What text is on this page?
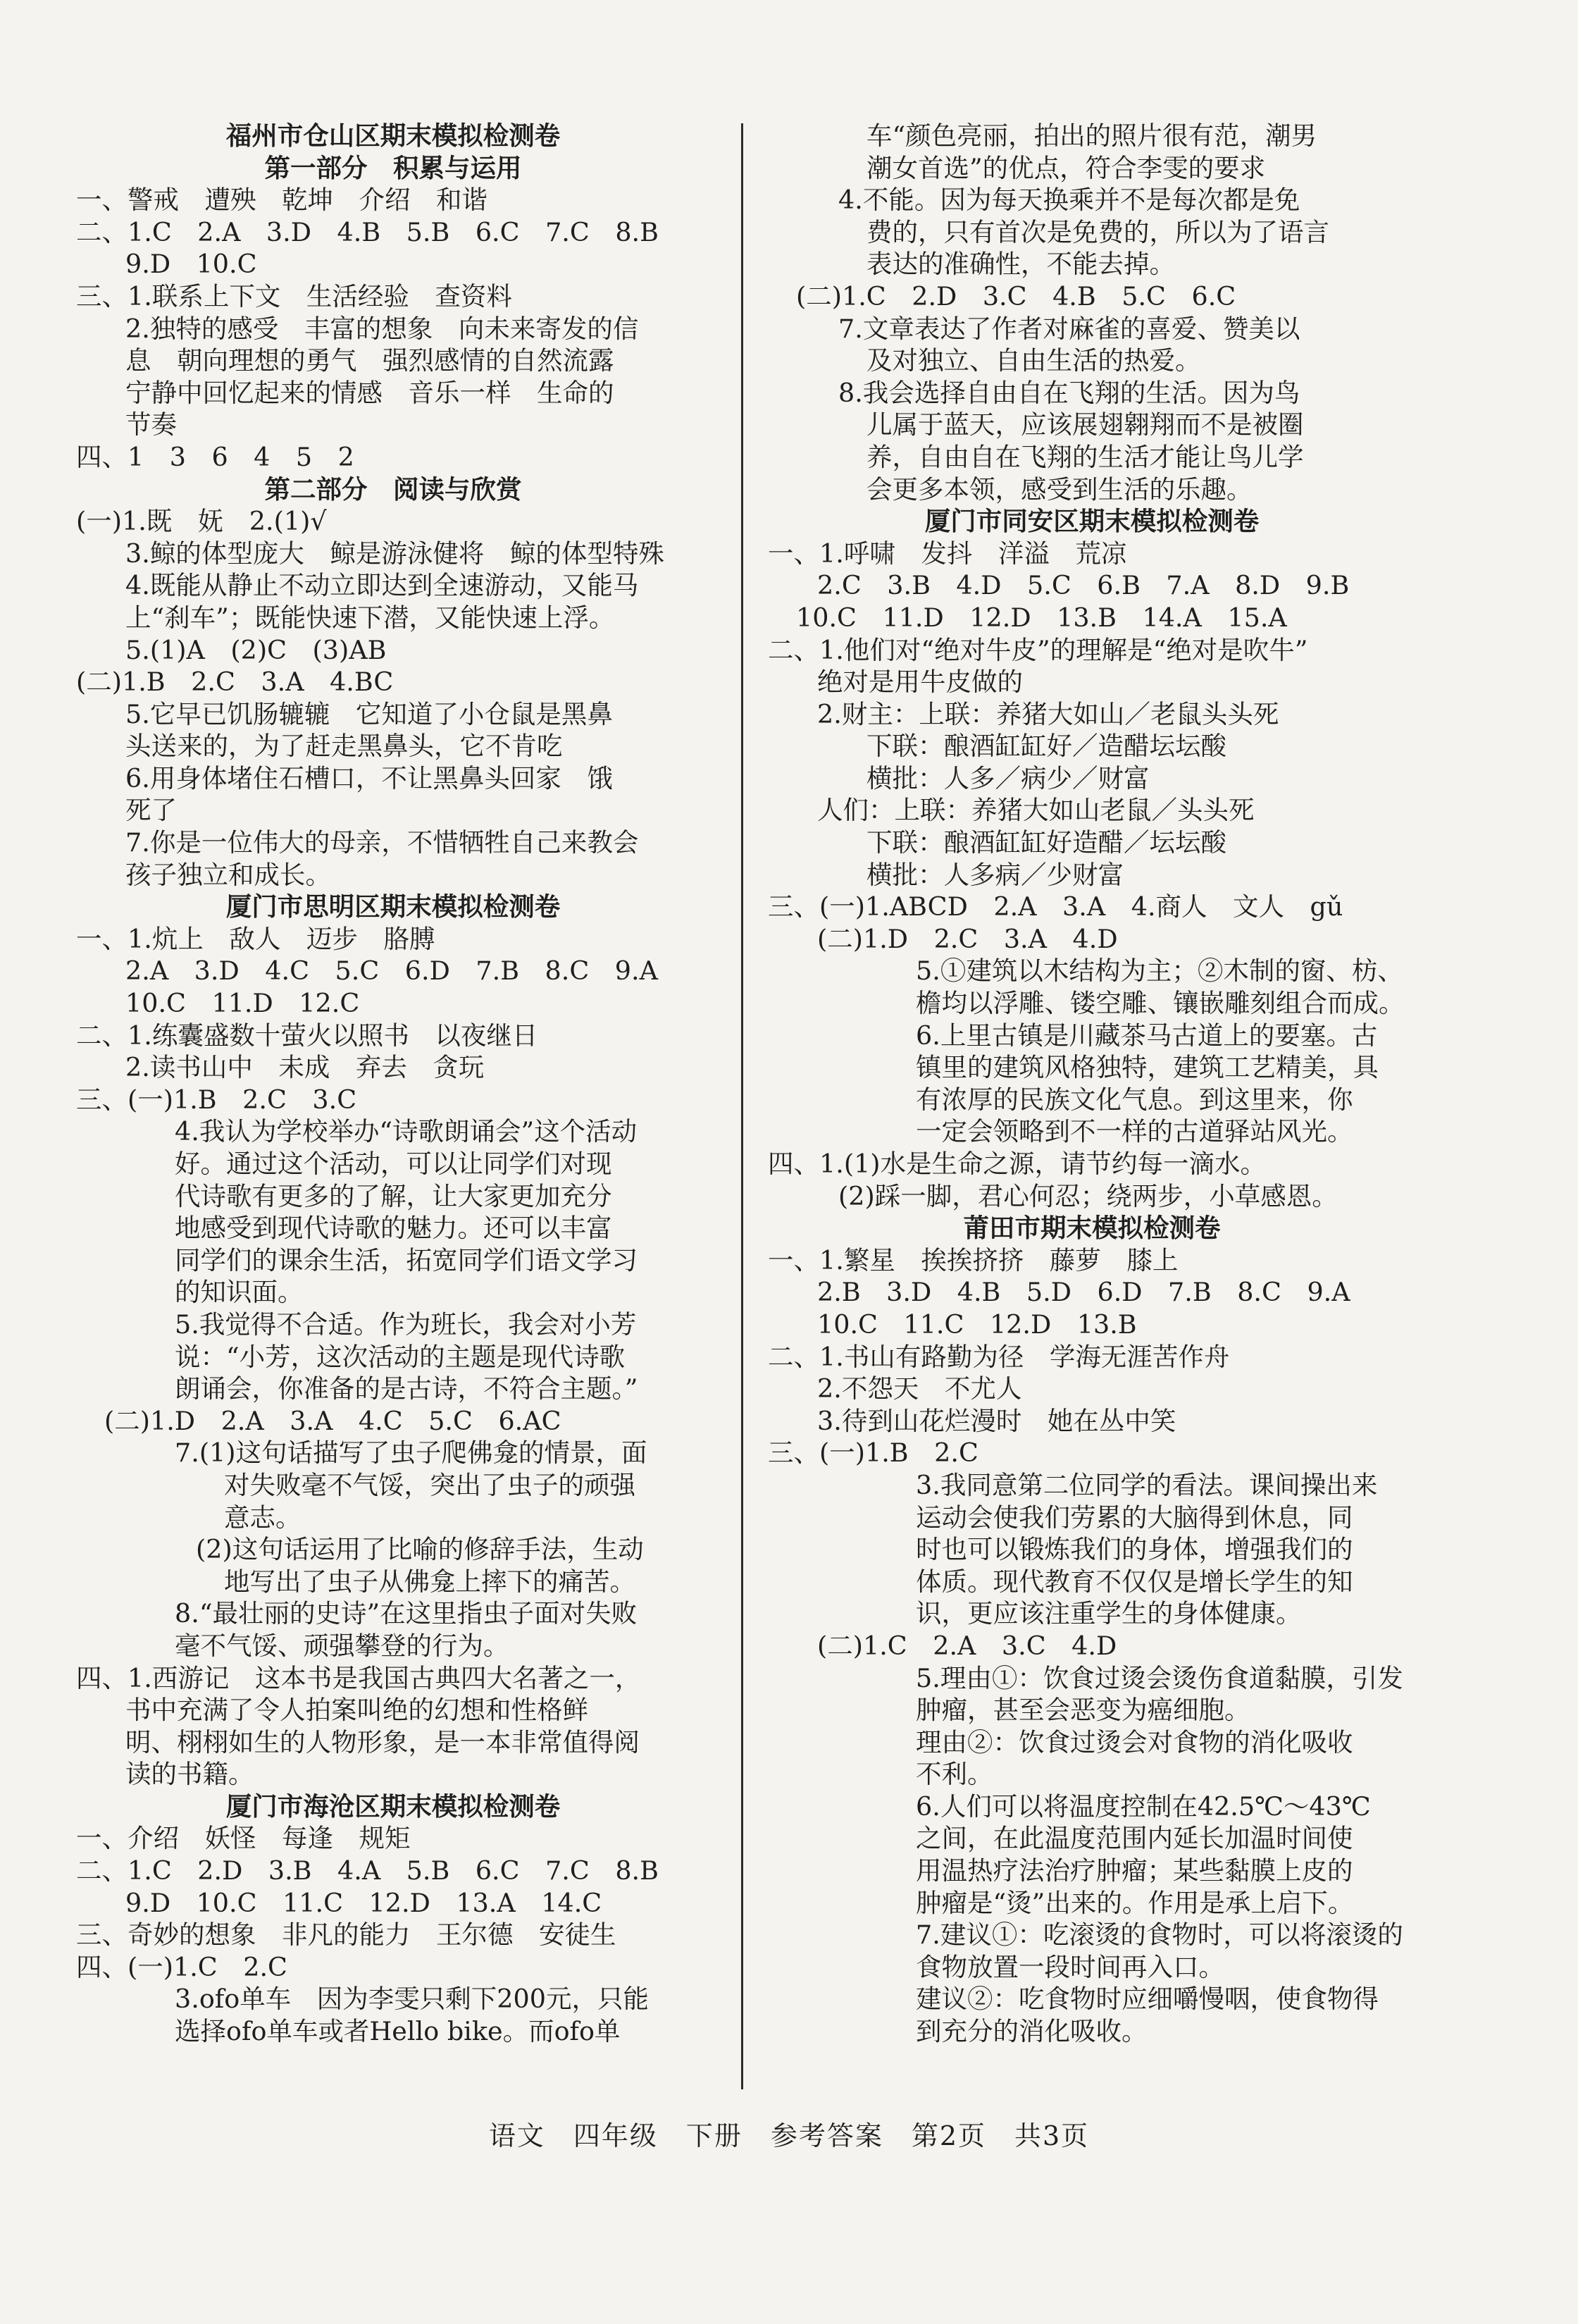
福州市仓山区期末模拟检测卷
第一部分　积累与运用
一、警戒　遭殃　乾坤　介绍　和谐
二、1.C　2.A　3.D　4.B　5.B　6.C　7.C　8.B
9.D　10.C
三、1.联系上下文　生活经验　查资料
2.独特的感受　丰富的想象　向未来寄发的信
息　朝向理想的勇气　强烈感情的自然流露
宁静中回忆起来的情感　音乐一样　生命的
节奏
四、1　3　6　4　5　2
第二部分　阅读与欣赏
(一)1.既　妩　2.(1)√
3.鲸的体型庞大　鲸是游泳健将　鲸的体型特殊
4.既能从静止不动立即达到全速游动，又能马
上“刹车”；既能快速下潜，又能快速上浮。
5.(1)A　(2)C　(3)AB
(二)1.B　2.C　3.A　4.BC
5.它早已饥肠辘辘　它知道了小仓鼠是黑鼻
头送来的，为了赶走黑鼻头，它不肯吃
6.用身体堵住石槽口，不让黑鼻头回家　饿
死了
7.你是一位伟大的母亲，不惜牺牲自己来教会
孩子独立和成长。
厦门市思明区期末模拟检测卷
一、1.炕上　敌人　迈步　胳膊
2.A　3.D　4.C　5.C　6.D　7.B　8.C　9.A
10.C　11.D　12.C
二、1.练囊盛数十萤火以照书　以夜继日
2.读书山中　未成　弃去　贪玩
三、(一)1.B　2.C　3.C
4.我认为学校举办“诗歌朗诵会”这个活动
好。通过这个活动，可以让同学们对现
代诗歌有更多的了解，让大家更加充分
地感受到现代诗歌的魅力。还可以丰富
同学们的课余生活，拓宽同学们语文学习
的知识面。
5.我觉得不合适。作为班长，我会对小芳
说：“小芳，这次活动的主题是现代诗歌
朗诵会，你准备的是古诗，不符合主题。”
(二)1.D　2.A　3.A　4.C　5.C　6.AC
7.(1)这句话描写了虫子爬佛龛的情景，面
对失败毫不气馁，突出了虫子的顽强
意志。
(2)这句话运用了比喻的修辞手法，生动
地写出了虫子从佛龛上摔下的痛苦。
8.“最壮丽的史诗”在这里指虫子面对失败
毫不气馁、顽强攀登的行为。
四、1.西游记　这本书是我国古典四大名著之一，
书中充满了令人拍案叫绝的幻想和性格鲜
明、栩栩如生的人物形象，是一本非常值得阅
读的书籍。
厦门市海沧区期末模拟检测卷
一、介绍　妖怪　每逢　规矩
二、1.C　2.D　3.B　4.A　5.B　6.C　7.C　8.B
9.D　10.C　11.C　12.D　13.A　14.C
三、奇妙的想象　非凡的能力　王尔德　安徒生
四、(一)1.C　2.C
3.ofo单车　因为李雯只剩下200元，只能
选择ofo单车或者Hello bike。而ofo单
车“颜色亮丽，拍出的照片很有范，潮男
潮女首选”的优点，符合李雯的要求
4.不能。因为每天换乘并不是每次都是免
费的，只有首次是免费的，所以为了语言
表达的准确性，不能去掉。
(二)1.C　2.D　3.C　4.B　5.C　6.C
7.文章表达了作者对麻雀的喜爱、赞美以
及对独立、自由生活的热爱。
8.我会选择自由自在飞翔的生活。因为鸟
儿属于蓝天，应该展翅翱翔而不是被圈
养，自由自在飞翔的生活才能让鸟儿学
会更多本领，感受到生活的乐趣。
厦门市同安区期末模拟检测卷
一、1.呼啸　发抖　洋溢　荒凉
2.C　3.B　4.D　5.C　6.B　7.A　8.D　9.B
10.C　11.D　12.D　13.B　14.A　15.A
二、1.他们对“绝对牛皮”的理解是“绝对是吹牛”
绝对是用牛皮做的
2.财主：上联：养猪大如山／老鼠头头死
下联：酿酒缸缸好／造醋坛坛酸
横批：人多／病少／财富
人们：上联：养猪大如山老鼠／头头死
下联：酿酒缸缸好造醋／坛坛酸
横批：人多病／少财富
三、(一)1.ABCD　2.A　3.A　4.商人　文人　gǔ
(二)1.D　2.C　3.A　4.D
5.①建筑以木结构为主；②木制的窗、枋、
檐均以浮雕、镂空雕、镶嵌雕刻组合而成。
6.上里古镇是川藏茶马古道上的要塞。古
镇里的建筑风格独特，建筑工艺精美，具
有浓厚的民族文化气息。到这里来，你
一定会领略到不一样的古道驿站风光。
四、1.(1)水是生命之源，请节约每一滴水。
(2)踩一脚，君心何忍；绕两步，小草感恩。
莆田市期末模拟检测卷
一、1.繁星　挨挨挤挤　藤萝　膝上
2.B　3.D　4.B　5.D　6.D　7.B　8.C　9.A
10.C　11.C　12.D　13.B
二、1.书山有路勤为径　学海无涯苦作舟
2.不怨天　不尤人
3.待到山花烂漫时　她在丛中笑
三、(一)1.B　2.C
3.我同意第二位同学的看法。课间操出来
运动会使我们劳累的大脑得到休息，同
时也可以锻炼我们的身体，增强我们的
体质。现代教育不仅仅是增长学生的知
识，更应该注重学生的身体健康。
(二)1.C　2.A　3.C　4.D
5.理由①：饮食过烫会烫伤食道黏膜，引发
肿瘤，甚至会恶变为癌细胞。
理由②：饮食过烫会对食物的消化吸收
不利。
6.人们可以将温度控制在42.5℃～43℃
之间，在此温度范围内延长加温时间使
用温热疗法治疗肿瘤；某些黏膜上皮的
肿瘤是“烫”出来的。作用是承上启下。
7.建议①：吃滚烫的食物时，可以将滚烫的
食物放置一段时间再入口。
建议②：吃食物时应细嚼慢咽，使食物得
到充分的消化吸收。
语文　四年级　下册　参考答案　第2页　共3页
